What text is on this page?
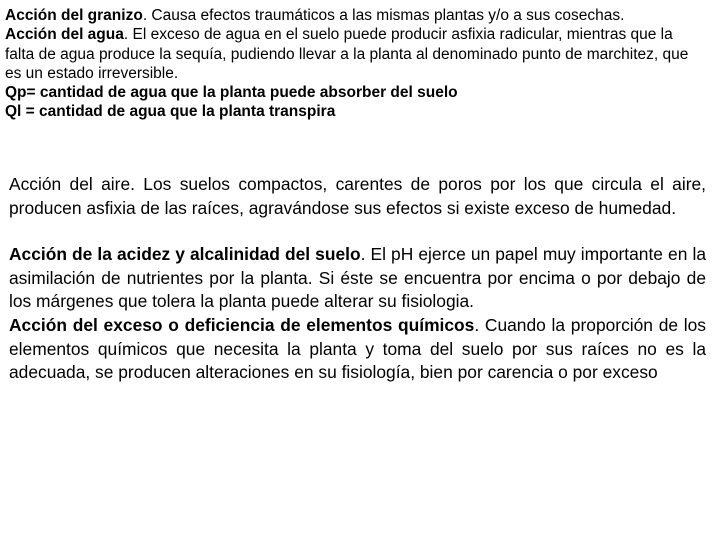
Acción del granizo. Causa efectos traumáticos a las mismas plantas y/o a sus cosechas.

Acción del agua. El exceso de agua en el suelo puede producir asfixia radicular, mientras que la falta de agua produce la sequía, pudiendo llevar a la planta al denominado punto de marchitez, que es un estado irreversible.

Qp= cantidad de agua que la planta puede absorber del suelo

Ql = cantidad de agua que la planta transpira

Acción del aire. Los suelos compactos, carentes de poros por los que circula el aire, producen asfixia de las raíces, agravándose sus efectos si existe exceso de humedad.

Acción de la acidez y alcalinidad del suelo. El pH ejerce un papel muy importante en la asimilación de nutrientes por la planta. Si éste se encuentra por encima o por debajo de los márgenes que tolera la planta puede alterar su fisiologia.

Acción del exceso o deficiencia de elementos químicos. Cuando la proporción de los elementos químicos que necesita la planta y toma del suelo por sus raíces no es la adecuada, se producen alteraciones en su fisiología, bien por carencia o por exceso
